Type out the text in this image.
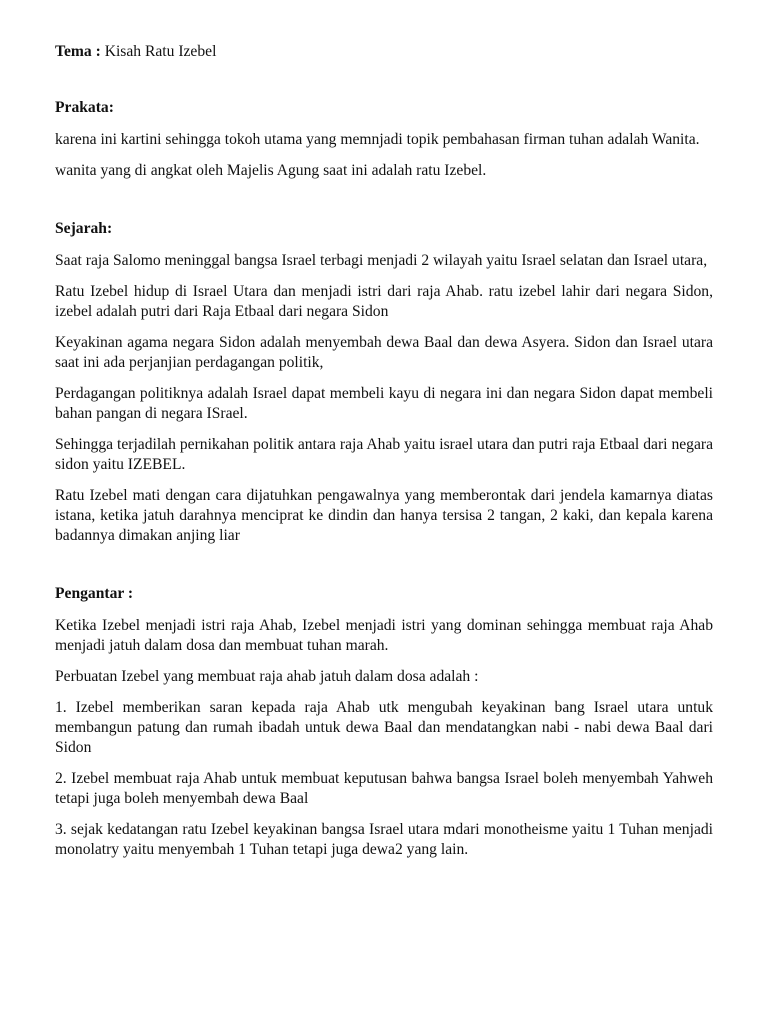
Tema : Kisah Ratu Izebel

Prakata:

karena ini kartini sehingga tokoh utama yang memnjadi topik pembahasan firman tuhan adalah Wanita.

wanita yang di angkat oleh Majelis Agung saat ini adalah ratu Izebel.

Sejarah:

Saat raja Salomo meninggal bangsa Israel terbagi menjadi 2 wilayah yaitu Israel selatan dan Israel utara,

Ratu Izebel hidup di Israel Utara dan menjadi istri dari raja Ahab. ratu izebel lahir dari negara Sidon, izebel adalah putri dari Raja Etbaal dari negara Sidon

Keyakinan agama negara Sidon adalah menyembah dewa Baal dan dewa Asyera. Sidon dan Israel utara saat ini ada perjanjian perdagangan politik,

Perdagangan politiknya adalah Israel dapat membeli kayu di negara ini dan negara Sidon dapat membeli bahan pangan di negara ISrael.

Sehingga terjadilah pernikahan politik antara raja Ahab yaitu israel utara dan putri raja Etbaal dari negara sidon yaitu IZEBEL.

Ratu Izebel mati dengan cara dijatuhkan pengawalnya yang memberontak dari jendela kamarnya diatas istana, ketika jatuh darahnya menciprat ke dindin dan hanya tersisa 2 tangan, 2 kaki, dan kepala karena badannya dimakan anjing liar

Pengantar :

Ketika Izebel menjadi istri raja Ahab, Izebel menjadi istri yang dominan sehingga membuat raja Ahab menjadi jatuh dalam dosa dan membuat tuhan marah.

Perbuatan Izebel yang membuat raja ahab jatuh dalam dosa adalah :

1. Izebel memberikan saran kepada raja Ahab utk mengubah keyakinan bang Israel utara untuk membangun patung dan rumah ibadah untuk dewa Baal dan mendatangkan nabi - nabi dewa Baal dari Sidon

2. Izebel membuat raja Ahab untuk membuat keputusan bahwa bangsa Israel boleh menyembah Yahweh tetapi juga boleh menyembah dewa Baal

3. sejak kedatangan ratu Izebel keyakinan bangsa Israel utara mdari monotheisme yaitu 1 Tuhan menjadi monolatry yaitu menyembah 1 Tuhan tetapi juga dewa2 yang lain.
